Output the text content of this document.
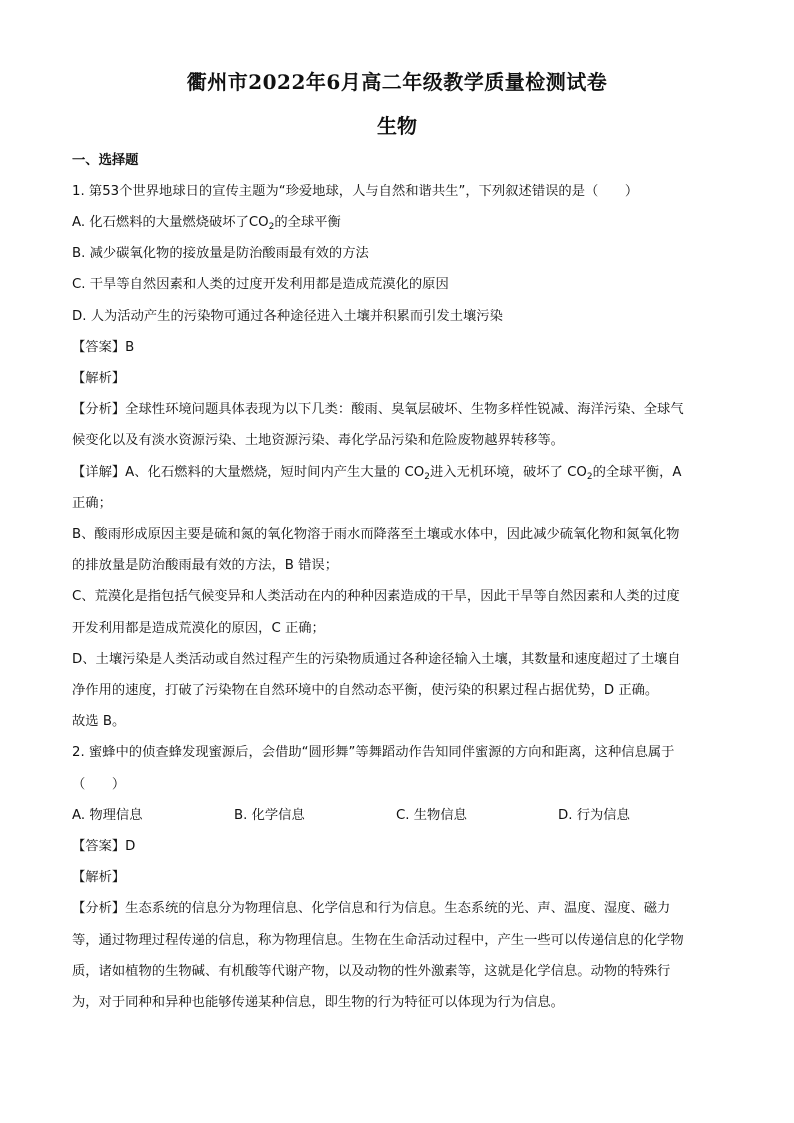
衢州市2022年6月高二年级教学质量检测试卷
生物
一、选择题
1. 第53个世界地球日的宣传主题为“珍爱地球，人与自然和谐共生”，下列叙述错误的是（　　）
A. 化石燃料的大量燃烧破坏了$CO_2$的全球平衡
B. 减少碳氧化物的接放量是防治酸雨最有效的方法
C. 干旱等自然因素和人类的过度开发利用都是造成荒漠化的原因
D. 人为活动产生的污染物可通过各种途径进入土壤并积累而引发土壤污染
【答案】B
【解析】
【分析】全球性环境问题具体表现为以下几类：酸雨、臭氧层破坏、生物多样性锐减、海洋污染、全球气
候变化以及有淡水资源污染、土地资源污染、毒化学品污染和危险废物越界转移等。
【详解】A、化石燃料的大量燃烧，短时间内产生大量的 $CO_2$进入无机环境，破坏了 $CO_2$的全球平衡，A
正确；
B、酸雨形成原因主要是硫和氮的氧化物溶于雨水而降落至土壤或水体中，因此减少硫氧化物和氮氧化物
的排放量是防治酸雨最有效的方法，B 错误；
C、荒漠化是指包括气候变异和人类活动在内的种种因素造成的干旱，因此干旱等自然因素和人类的过度
开发利用都是造成荒漠化的原因，C 正确；
D、土壤污染是人类活动或自然过程产生的污染物质通过各种途径输入土壤，其数量和速度超过了土壤自
净作用的速度，打破了污染物在自然环境中的自然动态平衡，使污染的积累过程占据优势，D 正确。
故选 B。
2. 蜜蜂中的侦查蜂发现蜜源后，会借助“圆形舞”等舞蹈动作告知同伴蜜源的方向和距离，这种信息属于
（　　）
A. 物理信息	B. 化学信息	C. 生物信息	D. 行为信息
【答案】D
【解析】
【分析】生态系统的信息分为物理信息、化学信息和行为信息。生态系统的光、声、温度、湿度、磁力
等，通过物理过程传递的信息，称为物理信息。生物在生命活动过程中，产生一些可以传递信息的化学物
质，诸如植物的生物碱、有机酸等代谢产物，以及动物的性外激素等，这就是化学信息。动物的特殊行
为，对于同种和异种也能够传递某种信息，即生物的行为特征可以体现为行为信息。
